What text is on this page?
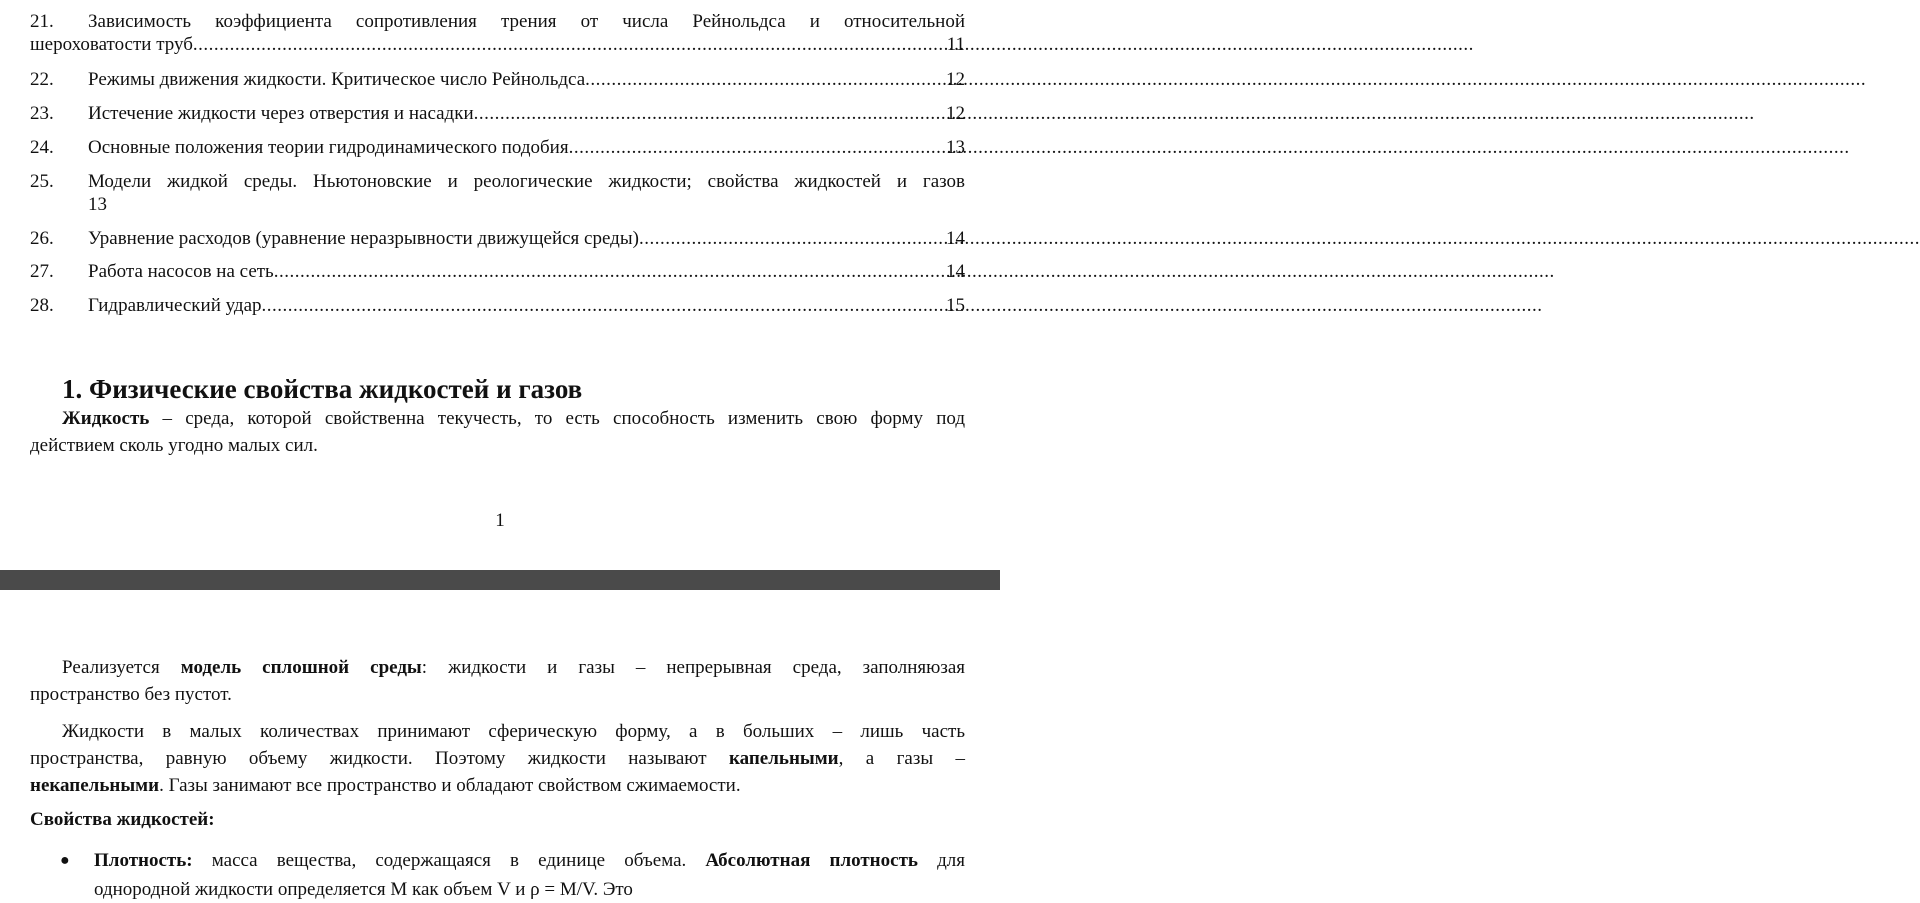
21.	Зависимость коэффициента сопротивления трения от числа Рейнольдса и относительной
шероховатости труб .....	11
22.	Режимы движения жидкости. Критическое число Рейнольдса .....	12
23.	Истечение жидкости через отверстия и насадки .....	12
24.	Основные положения теории гидродинамического подобия .....	13
25.	Модели жидкой среды. Ньютоновские и реологические жидкости; свойства жидкостей и газов
13
26.	Уравнение расходов (уравнение неразрывности движущейся среды) .....	14
27.	Работа насосов на сеть .....	14
28.	Гидравлический удар .....	15
1. Физические свойства жидкостей и газов
Жидкость – среда, которой свойственна текучесть, то есть способность изменить свою форму под
действием сколь угодно малых сил.
1
Реализуется модель сплошной среды: жидкости и газы – непрерывная среда, заполняюзая
пространство без пустот.
Жидкости в малых количествах принимают сферическую форму, а в больших – лишь часть
пространства, равную объему жидкости. Поэтому жидкости называют капельными, а газы –
некапельными. Газы занимают все пространство и обладают свойством сжимаемости.
Свойства жидкостей:
●	Плотность: масса вещества, содержащаяся в единице объема. Абсолютная плотность для
однородной жидкости определяется M как объем V и ρ = M/V. Это
